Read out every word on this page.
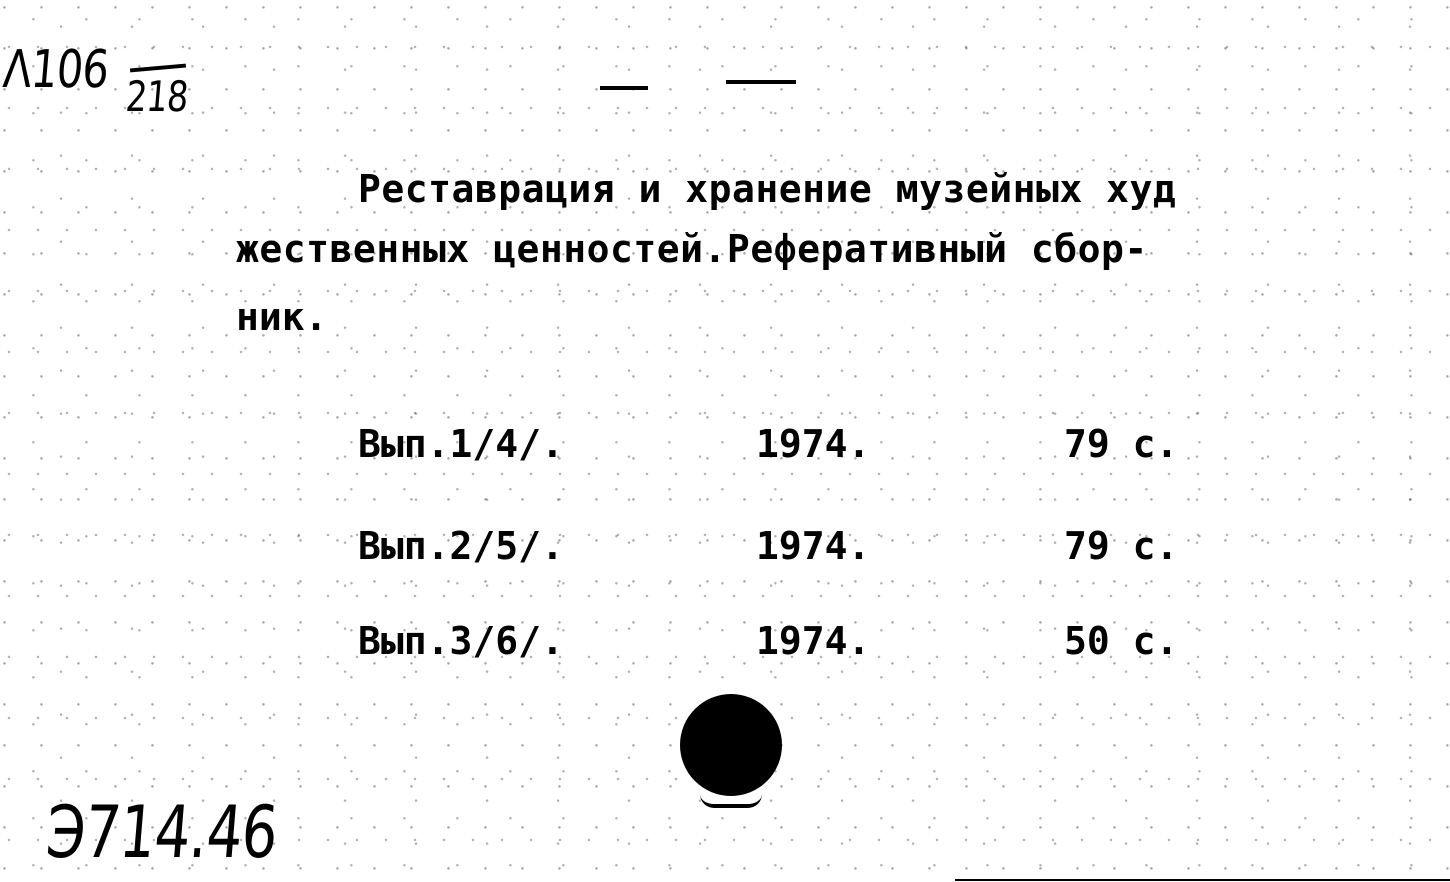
Λ106 218
Реставрация и хранение музейных худ
жественных ценностей.Реферативный сбор-
ник.
Вып.1/4/.	1974.	79 с.
Вып.2/5/.	1974.	79 с.
Вып.3/6/.	1974.	50 с.
Э714.46
